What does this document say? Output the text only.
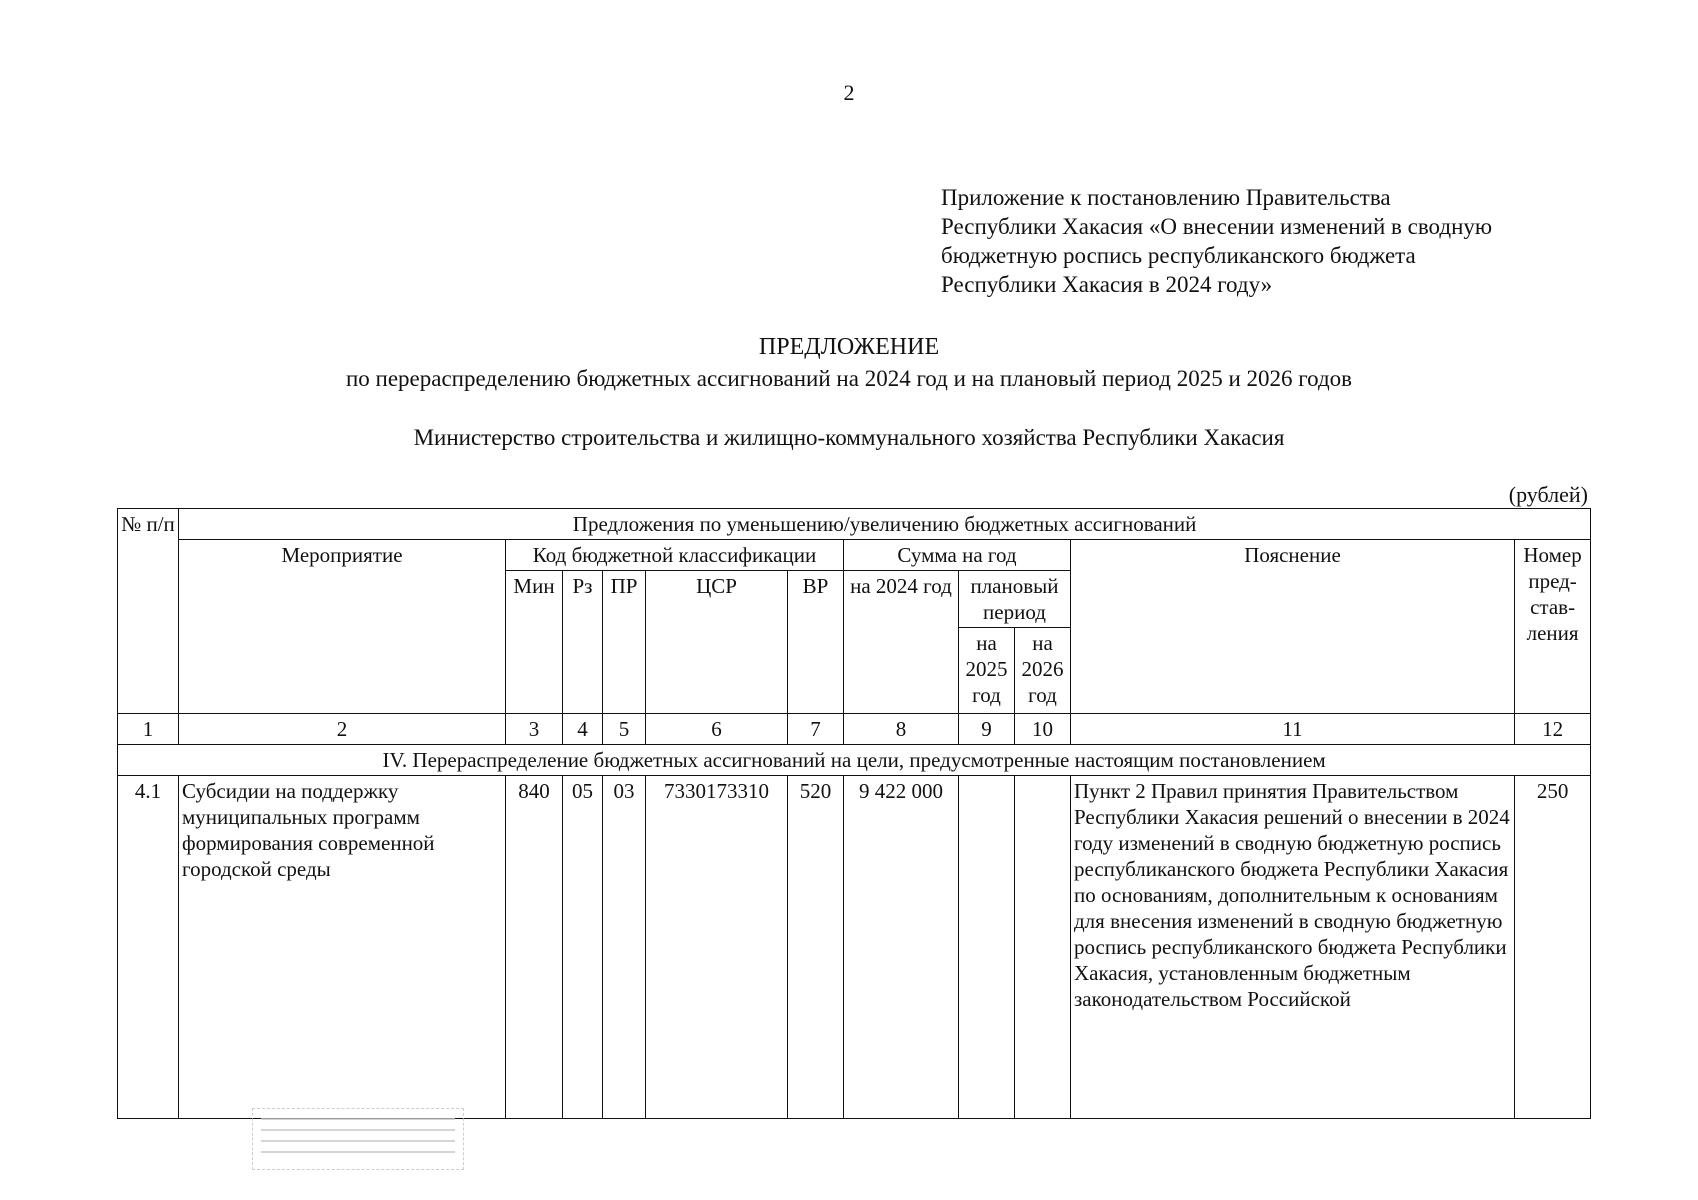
2
Приложение к постановлению Правительства
Республики Хакасия «О внесении изменений в сводную
бюджетную роспись республиканского бюджета
Республики Хакасия в 2024 году»
ПРЕДЛОЖЕНИЕ
по перераспределению бюджетных ассигнований на 2024 год и на плановый период 2025 и 2026 годов
Министерство строительства и жилищно-коммунального хозяйства Республики Хакасия
(рублей)
№ п/п	Предложения по уменьшению/увеличению бюджетных ассигнований										
	Мероприятие	Код бюджетной классификации					Сумма на год			Пояснение	Номер пред-став-ления
		Мин	Рз	ПР	ЦСР	ВР	на 2024 год	плановый период			
								на 2025 год	на 2026 год		

1	2	3	4	5	6	7	8	9	10	11	12
IV. Перераспределение бюджетных ассигнований на цели, предусмотренные настоящим постановлением											
4.1	Субсидии на поддержку муниципальных программ формирования современной городской среды	840	05	03	7330173310	520	9 422 000			Пункт 2 Правил принятия Правительством Республики Хакасия решений о внесении в 2024 году изменений в сводную бюджетную роспись республиканского бюджета Республики Хакасия по основаниям, дополнительным к основаниям для внесения изменений в сводную бюджетную роспись республиканского бюджета Республики Хакасия, установленным бюджетным законодательством Российской	250
